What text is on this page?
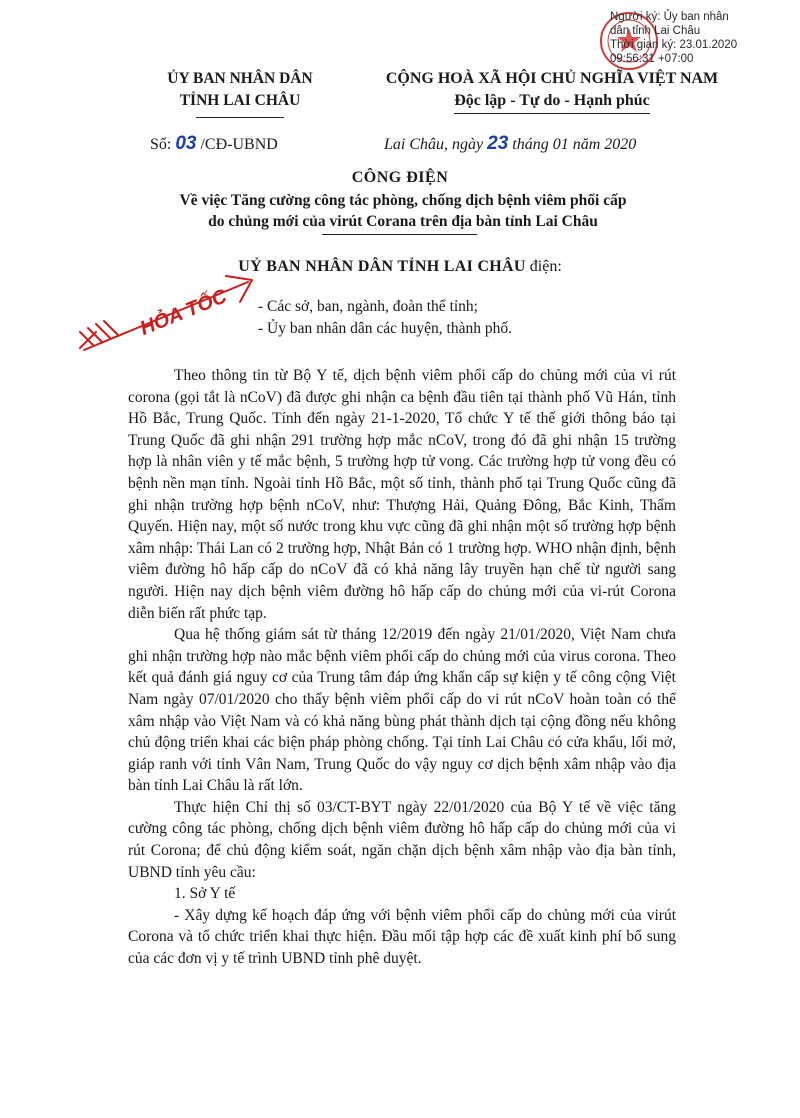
Người ký: Ủy ban nhân
dân tỉnh Lai Châu
Thời gian ký: 23.01.2020
09:56:31 +07:00
ỦY BAN NHÂN DÂN
TỈNH LAI CHÂU
CỘNG HOÀ XÃ HỘI CHỦ NGHĨA VIỆT NAM
Độc lập - Tự do - Hạnh phúc
Số: 03 /CĐ-UBND	Lai Châu, ngày 23 tháng 01 năm 2020
CÔNG ĐIỆN
Về việc Tăng cường công tác phòng, chống dịch bệnh viêm phổi cấp
do chủng mới của virút Corana trên địa bàn tỉnh Lai Châu
UỶ BAN NHÂN DÂN TỈNH LAI CHÂU điện:
HỎA TỐC - Các sở, ban, ngành, đoàn thể tỉnh;
- Ủy ban nhân dân các huyện, thành phố.

Theo thông tin từ Bộ Y tế, dịch bệnh viêm phổi cấp do chủng mới của vi rút corona (gọi tắt là nCoV) đã được ghi nhận ca bệnh đầu tiên tại thành phố Vũ Hán, tỉnh Hồ Bắc, Trung Quốc. Tính đến ngày 21-1-2020, Tổ chức Y tế thế giới thông báo tại Trung Quốc đã ghi nhận 291 trường hợp mắc nCoV, trong đó đã ghi nhận 15 trường hợp là nhân viên y tế mắc bệnh, 5 trường hợp tử vong. Các trường hợp tử vong đều có bệnh nền mạn tính. Ngoài tỉnh Hồ Bắc, một số tỉnh, thành phố tại Trung Quốc cũng đã ghi nhận trường hợp bệnh nCoV, như: Thượng Hải, Quảng Đông, Bắc Kinh, Thẩm Quyến. Hiện nay, một số nước trong khu vực cũng đã ghi nhận một số trường hợp bệnh xâm nhập: Thái Lan có 2 trường hợp, Nhật Bản có 1 trường hợp. WHO nhận định, bệnh viêm đường hô hấp cấp do nCoV đã có khả năng lây truyền hạn chế từ người sang người. Hiện nay dịch bệnh viêm đường hô hấp cấp do chủng mới của vi-rút Corona diễn biến rất phức tạp.

Qua hệ thống giám sát từ tháng 12/2019 đến ngày 21/01/2020, Việt Nam chưa ghi nhận trường hợp nào mắc bệnh viêm phổi cấp do chủng mới của virus corona. Theo kết quả đánh giá nguy cơ của Trung tâm đáp ứng khẩn cấp sự kiện y tế công cộng Việt Nam ngày 07/01/2020 cho thấy bệnh viêm phổi cấp do vi rút nCoV hoàn toàn có thể xâm nhập vào Việt Nam và có khả năng bùng phát thành dịch tại cộng đồng nếu không chủ động triển khai các biện pháp phòng chống. Tại tỉnh Lai Châu có cửa khẩu, lối mở, giáp ranh với tỉnh Vân Nam, Trung Quốc do vậy nguy cơ dịch bệnh xâm nhập vào địa bàn tỉnh Lai Châu là rất lớn.

Thực hiện Chỉ thị số 03/CT-BYT ngày 22/01/2020 của Bộ Y tế về việc tăng cường công tác phòng, chống dịch bệnh viêm đường hô hấp cấp do chủng mới của vi rút Corona; để chủ động kiểm soát, ngăn chặn dịch bệnh xâm nhập vào địa bàn tỉnh, UBND tỉnh yêu cầu:

1. Sở Y tế

- Xây dựng kế hoạch đáp ứng với bệnh viêm phổi cấp do chủng mới của virút Corona và tổ chức triển khai thực hiện. Đầu mối tập hợp các đề xuất kinh phí bổ sung của các đơn vị y tế trình UBND tỉnh phê duyệt.
